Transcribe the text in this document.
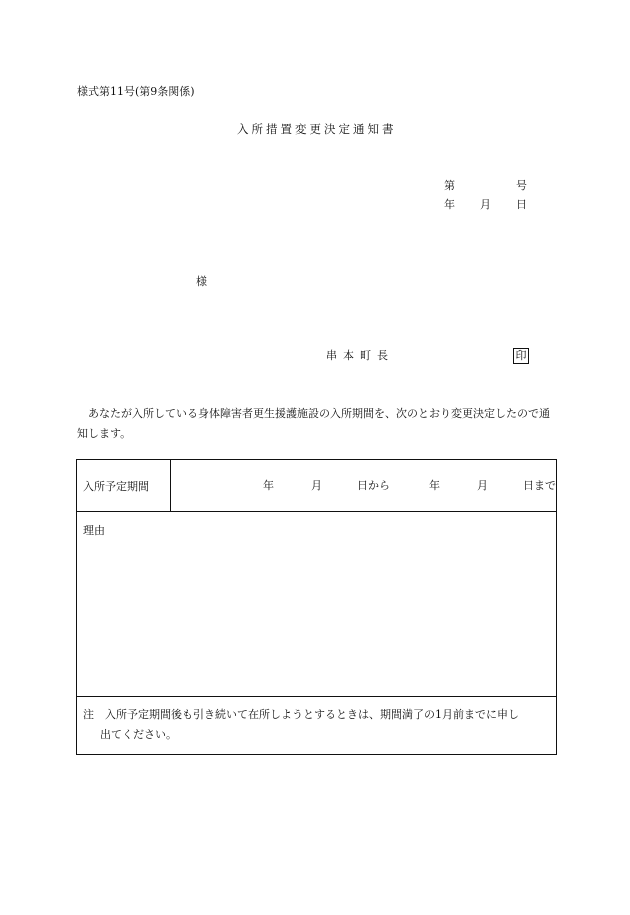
様式第11号(第9条関係)
入所措置変更決定通知書
第	号
年 月 日
様
串本町長	印
あなたが入所している身体障害者更生援護施設の入所期間を、次のとおり変更決定したので通知します。
入所予定期間	年	月	日から	年	月	日まで

理由

注　入所予定期間後も引き続いて在所しようとするときは、期間満了の1月前までに申し
出てください。
